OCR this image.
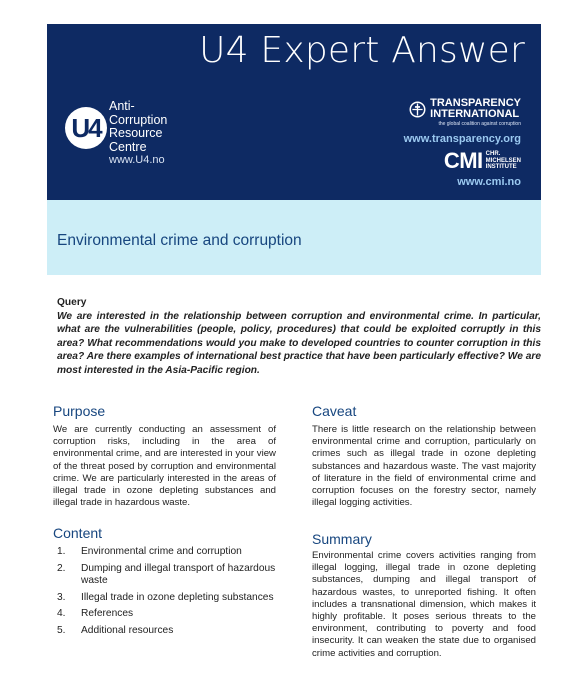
U4 Expert Answer
U4
Anti-
Corruption
Resource
Centre
www.U4.no
TRANSPARENCY
INTERNATIONAL
the global coalition against corruption
www.transparency.org
CMI CHR.
MICHELSEN
INSTITUTE
www.cmi.no
Environmental crime and corruption
Query
We are interested in the relationship between corruption and environmental crime. In particular, what are the vulnerabilities (people, policy, procedures) that could be exploited corruptly in this area? What recommendations would you make to developed countries to counter corruption in this area? Are there examples of international best practice that have been particularly effective? We are most interested in the Asia-Pacific region.
Purpose
We are currently conducting an assessment of corruption risks, including in the area of environmental crime, and are interested in your view of the threat posed by corruption and environmental crime. We are particularly interested in the areas of illegal trade in ozone depleting substances and illegal trade in hazardous waste.
Content
1.	Environmental crime and corruption
2.	Dumping and illegal transport of hazardous waste
3.	Illegal trade in ozone depleting substances
4.	References
5.	Additional resources
Caveat
There is little research on the relationship between environmental crime and corruption, particularly on crimes such as illegal trade in ozone depleting substances and hazardous waste. The vast majority of literature in the field of environmental crime and corruption focuses on the forestry sector, namely illegal logging activities.
Summary
Environmental crime covers activities ranging from illegal logging, illegal trade in ozone depleting substances, dumping and illegal transport of hazardous wastes, to unreported fishing. It often includes a transnational dimension, which makes it highly profitable. It poses serious threats to the environment, contributing to poverty and food insecurity. It can weaken the state due to organised crime activities and corruption.
